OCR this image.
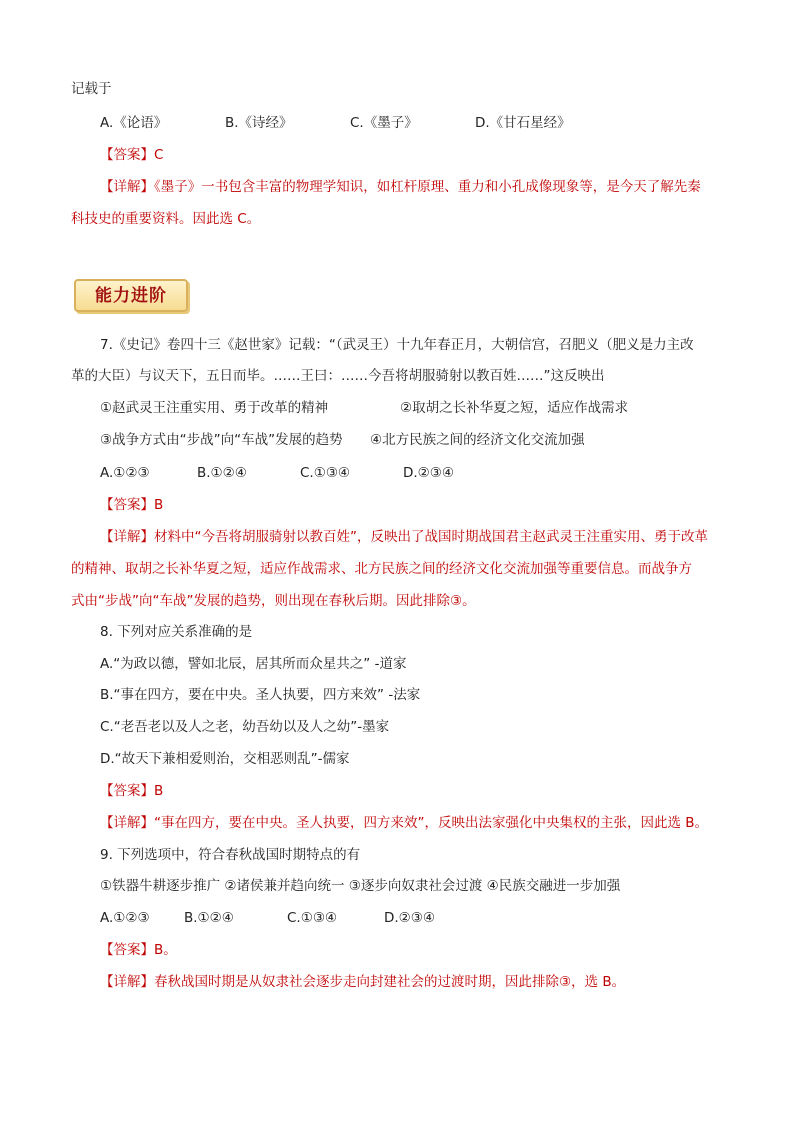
记载于
A.《论语》	B.《诗经》	C.《墨子》	D.《甘石星经》
【答案】C
【详解】《墨子》一书包含丰富的物理学知识，如杠杆原理、重力和小孔成像现象等，是今天了解先秦
科技史的重要资料。因此选 C。
能力进阶
7.《史记》卷四十三《赵世家》记载：“（武灵王）十九年春正月，大朝信宫，召肥义（肥义是力主改
革的大臣）与议天下，五日而毕。……王曰：……今吾将胡服骑射以教百姓……”这反映出
①赵武灵王注重实用、勇于改革的精神	②取胡之长补华夏之短，适应作战需求
③战争方式由“步战”向“车战”发展的趋势 ④北方民族之间的经济文化交流加强
A.①②③	B.①②④	C.①③④	D.②③④
【答案】B
【详解】材料中“今吾将胡服骑射以教百姓”，反映出了战国时期战国君主赵武灵王注重实用、勇于改革
的精神、取胡之长补华夏之短，适应作战需求、北方民族之间的经济文化交流加强等重要信息。而战争方
式由“步战”向“车战”发展的趋势，则出现在春秋后期。因此排除③。
8. 下列对应关系准确的是
A.“为政以德，譬如北辰，居其所而众星共之” -道家
B.“事在四方，要在中央。圣人执要，四方来效” -法家
C.“老吾老以及人之老，幼吾幼以及人之幼”-墨家
D.“故天下兼相爱则治，交相恶则乱”-儒家
【答案】B
【详解】“事在四方，要在中央。圣人执要，四方来效”，反映出法家强化中央集权的主张，因此选 B。
9. 下列选项中，符合春秋战国时期特点的有
①铁器牛耕逐步推广 ②诸侯兼并趋向统一 ③逐步向奴隶社会过渡 ④民族交融进一步加强
A.①②③	B.①②④	C.①③④	D.②③④
【答案】B。
【详解】春秋战国时期是从奴隶社会逐步走向封建社会的过渡时期，因此排除③，选 B。
